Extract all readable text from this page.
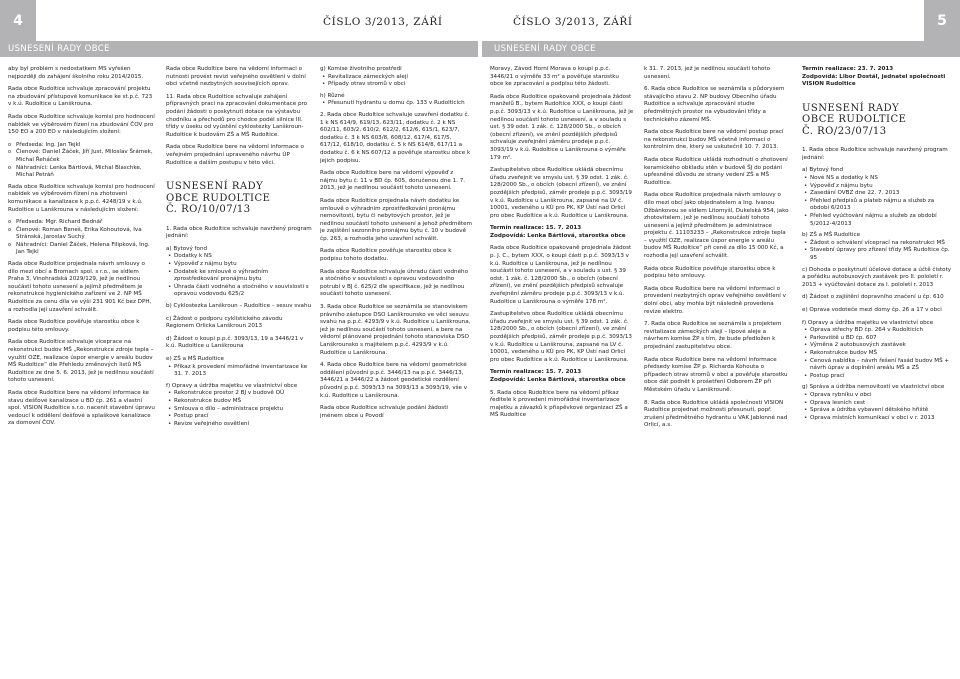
4	ČÍSLO 3/2013, ZÁŘÍ	ČÍSLO 3/2013, ZÁŘÍ	5
USNESENÍ RADY OBCE	USNESENÍ RADY OBCE

aby byl problém s nedostatkem MŠ vyřešen nejpozději do zahájení školního roku 2014/2015.

Rada obce Rudoltice schvaluje zpracování projektu na zbudování přístupové komunikace ke st.p.č. 723 v k.ú. Rudoltice u Lanškrouna.

Rada obce Rudoltice schvaluje komisi pro hodnocení nabídek ve výběrovém řízení na zbudování ČOV pro 150 EO a 200 EO v následujícím složení:

o Předseda: Ing. Jan Tejkl
o Členové: Daniel Žáček, Jiří Just, Miloslav Šrámek, Michal Řeháček
o Náhradníci: Lenka Bártlová, Michal Blaschke, Michal Petráň

Rada obce Rudoltice schvaluje komisi pro hodnocení nabídek ve výběrovém řízení na zhotovení komunikace a kanalizace k p.p.č. 4248/19 v k.ú. Rudoltice u Lanškrouna v následujícím složení:

o Předseda: Mgr. Richard Bednář
o Členové: Roman Beneš, Erika Kohoutová, Iva Stránská, Jaroslav Suchý
o Náhradníci: Daniel Žáček, Helena Filipková, Ing. Jan Tejkl

Rada obce Rudoltice projednala návrh smlouvy o dílo mezi obcí a Bromach spol. s r.o., se sídlem Praha 3, Vinohradská 2029/129, jež je nedílnou součástí tohoto usnesení a jejímž předmětem je rekonstrukce hygienického zařízení ve 2. NP MŠ Rudoltice za cenu díla ve výši 231 901 Kč bez DPH, a rozhodla její uzavření schválit.

Rada obce Rudoltice pověřuje starostku obce k podpisu této smlouvy.

Rada obce Rudoltice schvaluje víceprace na rekonstrukci budov MŠ „Rekonstrukce zdroje tepla – využití OZE, realizace úspor energie v areálu budov MŠ Rudoltice“ dle Přehledu změnových listů MŠ Rudoltice ze dne 5. 6. 2013, jež je nedílnou součástí tohoto usnesení.

Rada obce Rudoltice bere na vědomí informace ke stavu dešťové kanalizace u BD čp. 261 a vlastní spol. VISION Rudoltice s.r.o. nacenit stavební úpravu vedoucí k oddělení dešťové a splaškové kanalizace za domovní ČOV.

Rada obce Rudoltice bere na vědomí informaci o nutnosti provést revizi veřejného osvětlení v dolní obci včetně nezbytných souvisejících oprav.

11. Rada obce Rudoltice schvaluje zahájení přípravných prací na zpracování dokumentace pro podání žádosti o poskytnutí dotace na výstavbu chodníku a přechodů pro chodce podél silnice III. třídy v úseku od vyústění cyklostezky Lanškroun-Rudoltice k budovám ZŠ a MŠ Rudoltice.

Rada obce Rudoltice bere na vědomí informace o veřejném projednání upraveného návrhu ÚP Rudoltice a dalším postupu v této věci.

USNESENÍ RADY
OBCE RUDOLTICE
Č. RO/10/07/13

1. Rada obce Rudoltice schvaluje navržený program jednání:

a) Bytový fond
• Dodatky k NS
• Výpověď z nájmu bytu
• Dodatek ke smlouvě o výhradním zprostředkování pronájmu bytu
• Úhrada části vodného a stočného v souvislosti s opravou vodovodu 625/2

b) Cyklostezka Lanškroun – Rudoltice – sesuv svahu

c) Žádost o podporu cyklistického závodu Regionem Orlicka Lanškroun 2013

d) Žádost o koupi p.p.č. 3093/13, 19 a 3446/21 v k.ú. Rudoltice u Lanškrouna

e) ZŠ a MŠ Rudoltice
• Příkaz k provedení mimořádné inventarizace ke 31. 7. 2013
f) Opravy a údržba majetku ve vlastnictví obce
• Rekonstrukce prostor 2 BJ v budově OÚ
• Rekonstrukce budov MŠ
• Smlouva o dílo – administrace projektu
• Postup prací
• Revize veřejného osvětlení
g) Komise životního prostředí
• Revitalizace zámeckých alejí
• Případy otrav stromů v obci
h) Různé
• Přesunutí hydrantu u domu čp. 133 v Rudolticích

2. Rada obce Rudoltice schvaluje uzavření dodatku č. 1 k NS 614/9, 619/13, 623/11, dodatku č. 2 k NS 602/11, 603/2, 610/2, 612/2, 612/6, 615/1, 623/7, dodatku č. 3 k NS 603/8, 608/12, 617/4, 617/5, 617/12, 618/10, dodatku č. 5 k NS 614/8, 617/11 a dodatku č. 6 k NS 607/12 a pověřuje starostku obce k jejich podpisu.

Rada obce Rudoltice bere na vědomí výpověď z nájmu bytu č. 11 v BD čp. 605, doručenou dne 1. 7. 2013, jež je nedílnou součástí tohoto usnesení.

Rada obce Rudoltice projednala návrh dodatku ke smlouvě o výhradním zprostředkování pronájmu nemovitosti, bytu či nebytových prostor, jež je nedílnou součástí tohoto usnesení a jehož předmětem je zajištění sezonního pronájmu bytu č. 10 v budově čp. 263, a rozhodla jeho uzavření schválit.

Rada obce Rudoltice pověřuje starostku obce k podpisu tohoto dodatku.

Rada obce Rudoltice schvaluje úhradu části vodného a stočného v souvislosti s opravou vodovodního potrubí v BJ č. 625/2 dle specifikace, jež je nedílnou součástí tohoto usnesení.

3. Rada obce Rudoltice se seznámila se stanoviskem právního zástupce DSO Lanškrounsko ve věci sesuvu svahu na p.p.č. 4293/9 v k.ú. Rudoltice u Lanškrouna, jež je nedílnou součástí tohoto usnesení, a bere na vědomí plánované projednání tohoto stanoviska DSO Lanškrounsko s majitelem p.p.č. 4293/9 v k.ú. Rudoltice u Lanškrouna.

4. Rada obce Rudoltice bere na vědomí geometrické oddělení původní p.p.č. 3446/13 na p.p.č. 3446/13, 3446/21 a 3446/22 a žádost geodetické rozdělení původní p.p.č. 3093/13 na 3093/13 a 3093/19, vše v k.ú. Rudoltice u Lanškrouna.

Rada obce Rudoltice schvaluje podání žádosti jménem obce u Povodí

Moravy, Závod Horní Morava o koupi p.p.č. 3446/21 o výměře 33 m² a pověřuje starostku obce ke zpracování a podpisu této žádosti.

Rada obce Rudoltice opakovaně projednala žádost manželů B., bytem Rudoltice XXX, o koupi části p.p.č. 3093/13 v k.ú. Rudoltice u Lanškrouna, jež je nedílnou součástí tohoto usnesení, a v souladu s ust. § 39 odst. 1 zák. č. 128/2000 Sb., o obcích (obecní zřízení), ve znění pozdějších předpisů schvaluje zveřejnění záměru prodeje p.p.č. 3093/19 v k.ú. Rudoltice u Lanškrouna o výměře 179 m².

Zastupitelstvo obce Rudoltice ukládá obecnímu úřadu zveřejnit ve smyslu ust. § 39 odst. 1 zák. č. 128/2000 Sb., o obcích (obecní zřízení), ve znění pozdějších předpisů, záměr prodeje p.p.č. 3093/19 v k.ú. Rudoltice u Lanškrouna, zapsané na LV č. 10001, vedeného u KÚ pro PK, KP Ústí nad Orlicí pro obec Rudoltice a k.ú. Rudoltice u Lanškrouna.

Termín realizace: 15. 7. 2013

Zodpovídá: Lenka Bártlová, starostka obce

Rada obce Rudoltice opakovaně projednala žádost p. J. C., bytem XXX, o koupi části p.p.č. 3093/13 v k.ú. Rudoltice u Lanškrouna, jež je nedílnou součástí tohoto usnesení, a v souladu s ust. § 39 odst. 1 zák. č. 128/2000 Sb., o obcích (obecní zřízení), ve znění pozdějších předpisů schvaluje zveřejnění záměru prodeje p.p.č. 3093/13 v k.ú. Rudoltice u Lanškrouna o výměře 178 m².

Zastupitelstvo obce Rudoltice ukládá obecnímu úřadu zveřejnit ve smyslu ust. § 39 odst. 1 zák. č. 128/2000 Sb., o obcích (obecní zřízení), ve znění pozdějších předpisů, záměr prodeje p.p.č. 3093/13 v k.ú. Rudoltice u Lanškrouna, zapsané na LV č. 10001, vedeného u KÚ pro PK, KP Ústí nad Orlicí pro obec Rudoltice a k.ú. Rudoltice u Lanškrouna.

Termín realizace: 15. 7. 2013

Zodpovídá: Lenka Bártlová, starostka obce

5. Rada obce Rudoltice bere na vědomí příkaz ředitele k provedení mimořádné inventarizace majetku a závazků k přispěvkové organizaci ZŠ a MŠ Rudoltice

k 31. 7. 2013, jež je nedílnou součástí tohoto usnesení.

6. Rada obce Rudoltice se seznámila s půdorysem stávajícího stavu 2. NP budovy Obecního úřadu Rudoltice a schvaluje zpracování studie předmětných prostor na vybudování třídy a technického zázemí MŠ.

Rada obce Rudoltice bere na vědomí postup prací na rekonstrukci budov MŠ včetně informací o kontrolním dne, který se uskutečnil 10. 7. 2013.

Rada obce Rudoltice ukládá rozhodnutí o zhotovení keramického obkladu stěn v budově ŠJ do podání upřesněné důvodu ze strany vedení ZŠ a MŠ Rudoltice.

Rada obce Rudoltice projednala návrh smlouvy o dílo mezi obcí jako objednatelem a Ing. Ivanou Džbánkovou se sídlem Litomyšl, Dukelská 954, jako zhotovitelem, jež je nedílnou součástí tohoto usnesení a jejímž předmětem je administrace projektu č. 11103233 – „Rekonstrukce zdroje tepla – využití OZE, realizace úspor energie v areálu budov MŠ Rudoltice“ při ceně za dílo 15 000 Kč, a rozhodla její uzavření schválit.

Rada obce Rudoltice pověřuje starostku obce k podpisu této smlouvy.

Rada obce Rudoltice bere na vědomí informaci o provedení nezbytných oprav veřejného osvětlení v dolní obci, aby mohla být následně provedena revize elektro.

7. Rada obce Rudoltice se seznámila s projektem revitalizace zámeckých alejí – lipové aleje a návrhem komise ŽP s tím, že bude předložen k projednání zastupitelstvu obce.

Rada obce Rudoltice bere na vědomí informace předsedy komise ŽP p. Richarda Kohouta o případech otrav stromů v obci a pověřuje starostku obce dát podnět k prošetření Odborem ŽP při Městském úřadu v Lanškrouně.

8. Rada obce Rudoltice ukládá společnosti VISION Rudoltice projednat možnosti přesunutí, popř. zrušení předmětného hydrantu u VAK Jablonné nad Orlicí, a.s.

Termín realizace: 23. 7. 2013

Zodpovídá: Libor Dostál, jednatel společnosti VISION Rudoltice

USNESENÍ RADY
OBCE RUDOLTICE
Č. RO/23/07/13

1. Rada obce Rudoltice schvaluje navržený program jednání:

a) Bytový fond
• Nové NS a dodatky k NS
• Výpověď z nájmu bytu
• Zasedání OVBZ dne 22. 7. 2013
• Přehled předpisů a plateb nájmu a služeb za období 6/2013
• Přehled vyúčtování nájmu a služeb za období 5/2012-4/2013
b) ZŠ a MŠ Rudoltice
• Žádost o schválení víceprací na rekonstrukci MŠ
• Stavební úpravy pro zřízení třídy MŠ Rudoltice čp. 95

c) Dohoda o poskytnutí účelové dotace a účtě čistoty a pořádku autobusových zastávek pro II. pololetí r. 2013 + vyúčtování dotace za I. pololetí r. 2013

d) Žádost o zajištění dopravního značení u čp. 610

e) Oprava vodoteče mezi domy čp. 26 a 17 v obci

f) Opravy a údržba majetku ve vlastnictví obce
• Oprava střechy BD čp. 264 v Rudolticích
• Parkoviště u BD čp. 607
• Výměna 2 autobusových zastávek
• Rekonstrukce budov MŠ
• Cenová nabídka – návrh řešení fasád budov MŠ + návrh úprav a doplnění areálu MŠ a ZŠ
• Postup prací
g) Správa a údržba nemovitostí ve vlastnictví obce
• Oprava rybníku v obci
• Oprava lesních cest
• Správa a údržba vybavení dětského hřiště
• Oprava místních komunikací v obci v r. 2013
